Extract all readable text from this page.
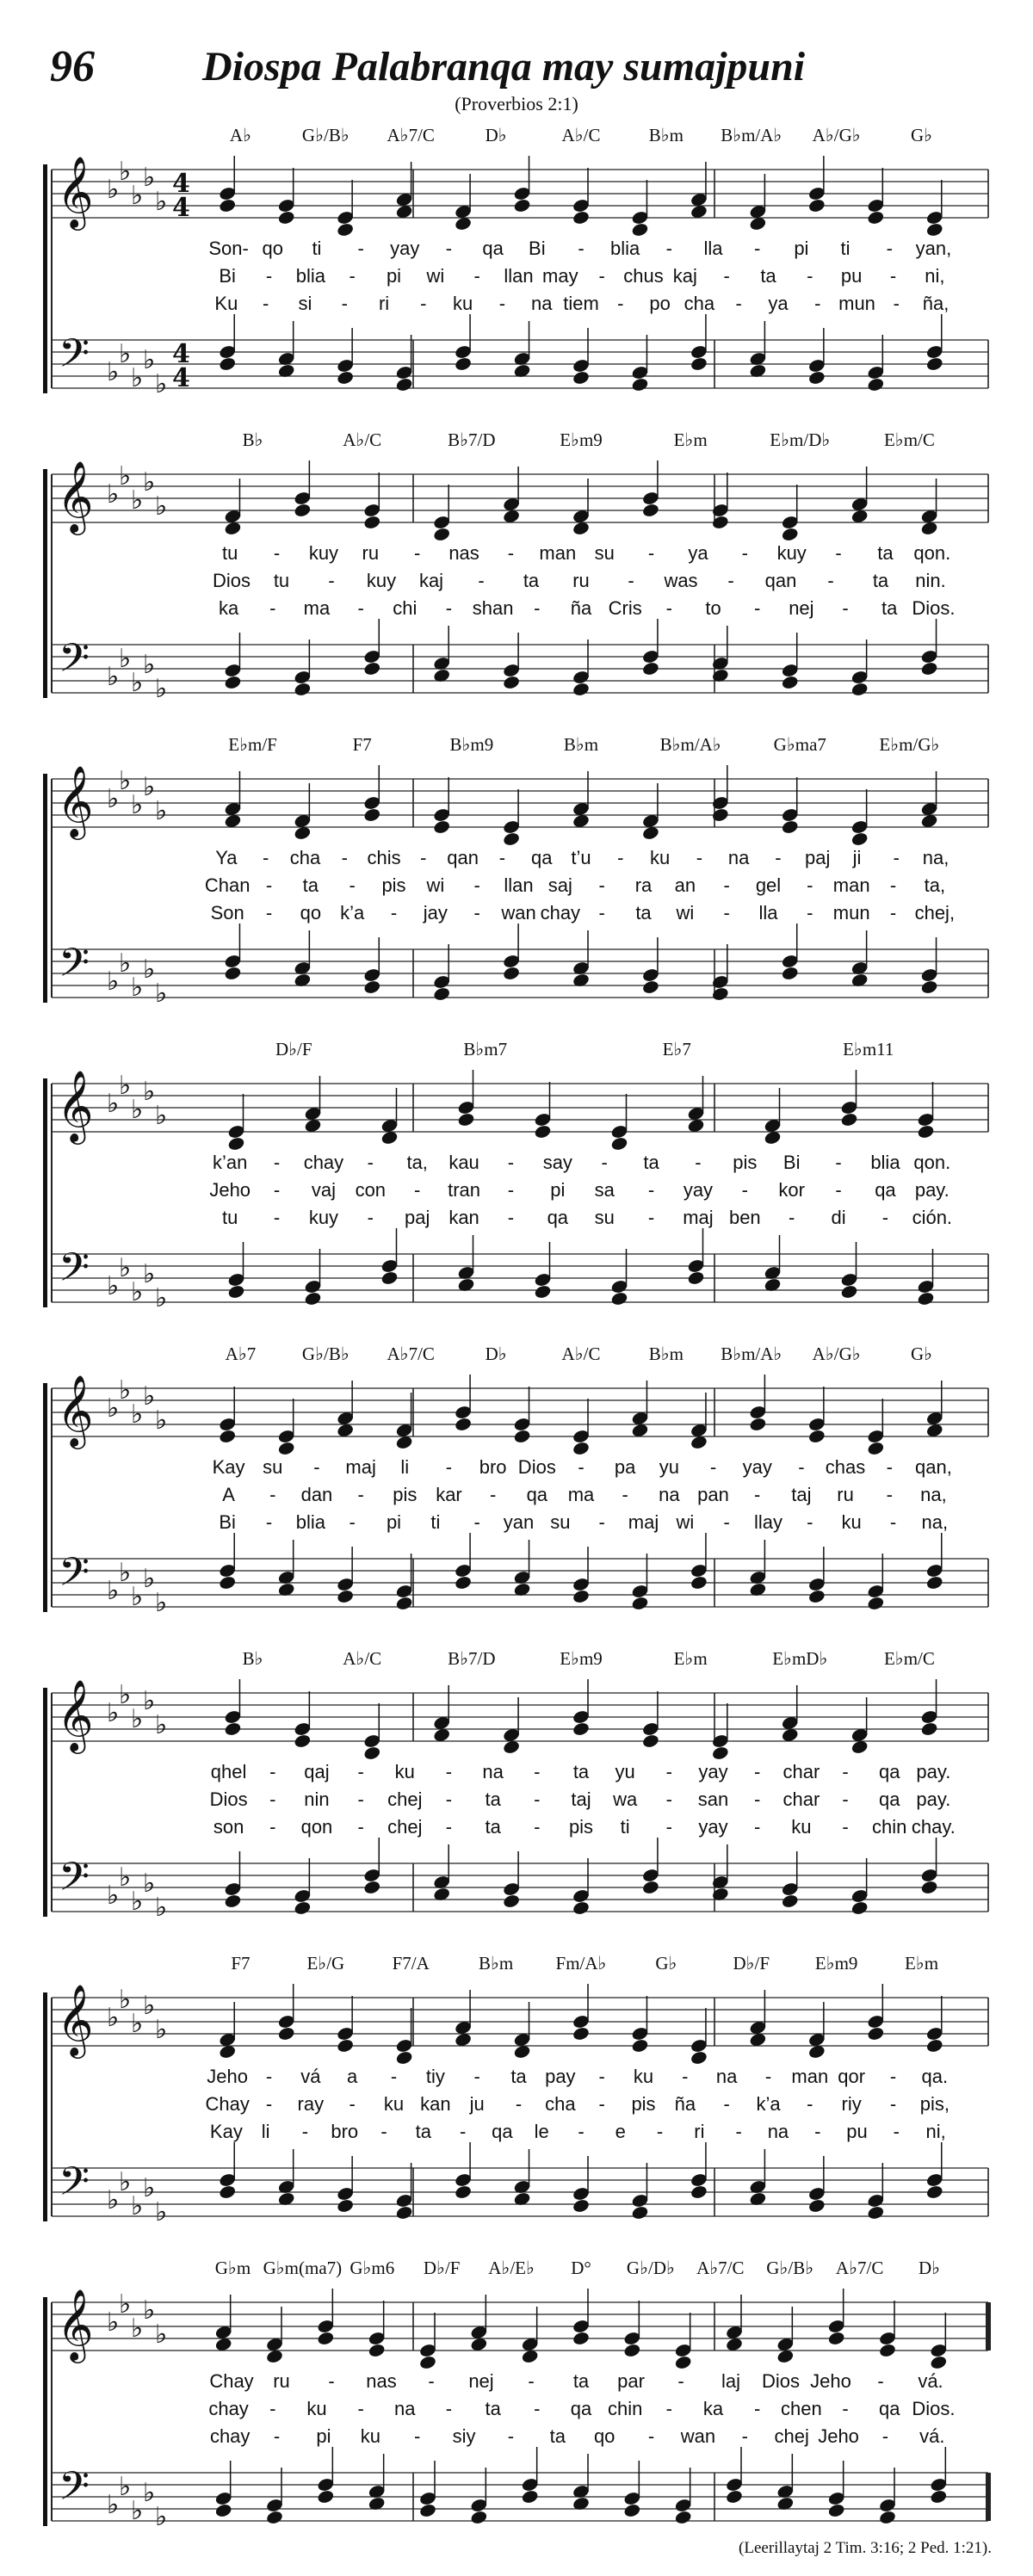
96	Diospa Palabranqa may sumajpuni
(Proverbios 2:1)
𝄞
𝄢
♭
♭
♭
♭
♭
♭
♭
♭
♭
♭
4
4
4
4
A♭	G♭/B♭ A♭7/C	D♭	A♭/C	B♭m B♭m/A♭ A♭/G♭	G♭
Son- qo ti - yay - qa Bi - blia - lla - pi ti - yan,
Bi - blia - pi wi - llan may - chus kaj - ta - pu - ni,
Ku - si - ri - ku - na tiem - po cha - ya - mun - ña,
𝄞
𝄢
♭
♭
♭
♭
♭
♭
♭
♭
♭
♭
B♭	A♭/C	B♭7/D	E♭m9	E♭m	E♭m/D♭	E♭m/C
tu - kuy ru - nas - man su - ya - kuy - ta qon.
Dios tu - kuy kaj - ta ru - was - qan - ta nin.
ka - ma - chi - shan - ña Cris - to - nej - ta Dios.
𝄞
𝄢
♭
♭
♭
♭
♭
♭
♭
♭
♭
♭
E♭m/F	F7	B♭m9	B♭m	B♭m/A♭	G♭ma7	E♭m/G♭
Ya - cha - chis - qan - qa t’u - ku - na - paj ji - na,
Chan - ta - pis wi - llan saj - ra an - gel - man - ta,
Son - qo k’a - jay - wan chay - ta wi - lla - mun - chej,
𝄞
𝄢
♭
♭
♭
♭
♭
♭
♭
♭
♭
♭
D♭/F	B♭m7	E♭7	E♭m11
k’an - chay - ta, kau - say - ta - pis Bi - blia qon.
Jeho - vaj con - tran - pi sa - yay - kor - qa pay.
tu - kuy - paj kan - qa su - maj ben - di - ción.
𝄞
𝄢
♭
♭
♭
♭
♭
♭
♭
♭
♭
♭
A♭7	G♭/B♭ A♭7/C	D♭	A♭/C	B♭m B♭m/A♭ A♭/G♭	G♭
Kay su - maj li - bro Dios - pa yu - yay - chas - qan,
A - dan - pis kar - qa ma - na pan - taj ru - na,
Bi - blia - pi ti - yan su - maj wi - llay - ku - na,
𝄞
𝄢
♭
♭
♭
♭
♭
♭
♭
♭
♭
♭
B♭	A♭/C	B♭7/D	E♭m9	E♭m	E♭mD♭	E♭m/C
qhel - qaj - ku - na - ta yu - yay - char - qa pay.
Dios - nin - chej - ta - taj wa - san - char - qa pay.
son - qon - chej - ta - pis ti - yay - ku - chin chay.
𝄞
𝄢
♭
♭
♭
♭
♭
♭
♭
♭
♭
♭
F7	E♭/G	F7/A	B♭m Fm/A♭	G♭	D♭/F	E♭m9	E♭m
Jeho - vá a - tiy - ta pay - ku - na - man qor - qa.
Chay - ray - ku kan ju - cha - pis ña - k’a - riy - pis,
Kay li - bro - ta - qa le - e - ri - na - pu - ni,
𝄞
𝄢
♭
♭
♭
♭
♭
♭
♭
♭
♭
♭
G♭m G♭m(ma7) G♭m6 D♭/F A♭/E♭ D° G♭/D♭ A♭7/C G♭/B♭ A♭7/C D♭
Chay ru - nas - nej - ta par - laj Dios Jeho - vá.
chay - ku - na - ta - qa chin - ka - chen - qa Dios.
chay - pi ku - siy - ta qo - wan - chej Jeho - vá.
(Leerillaytaj 2 Tim. 3:16; 2 Ped. 1:21).
